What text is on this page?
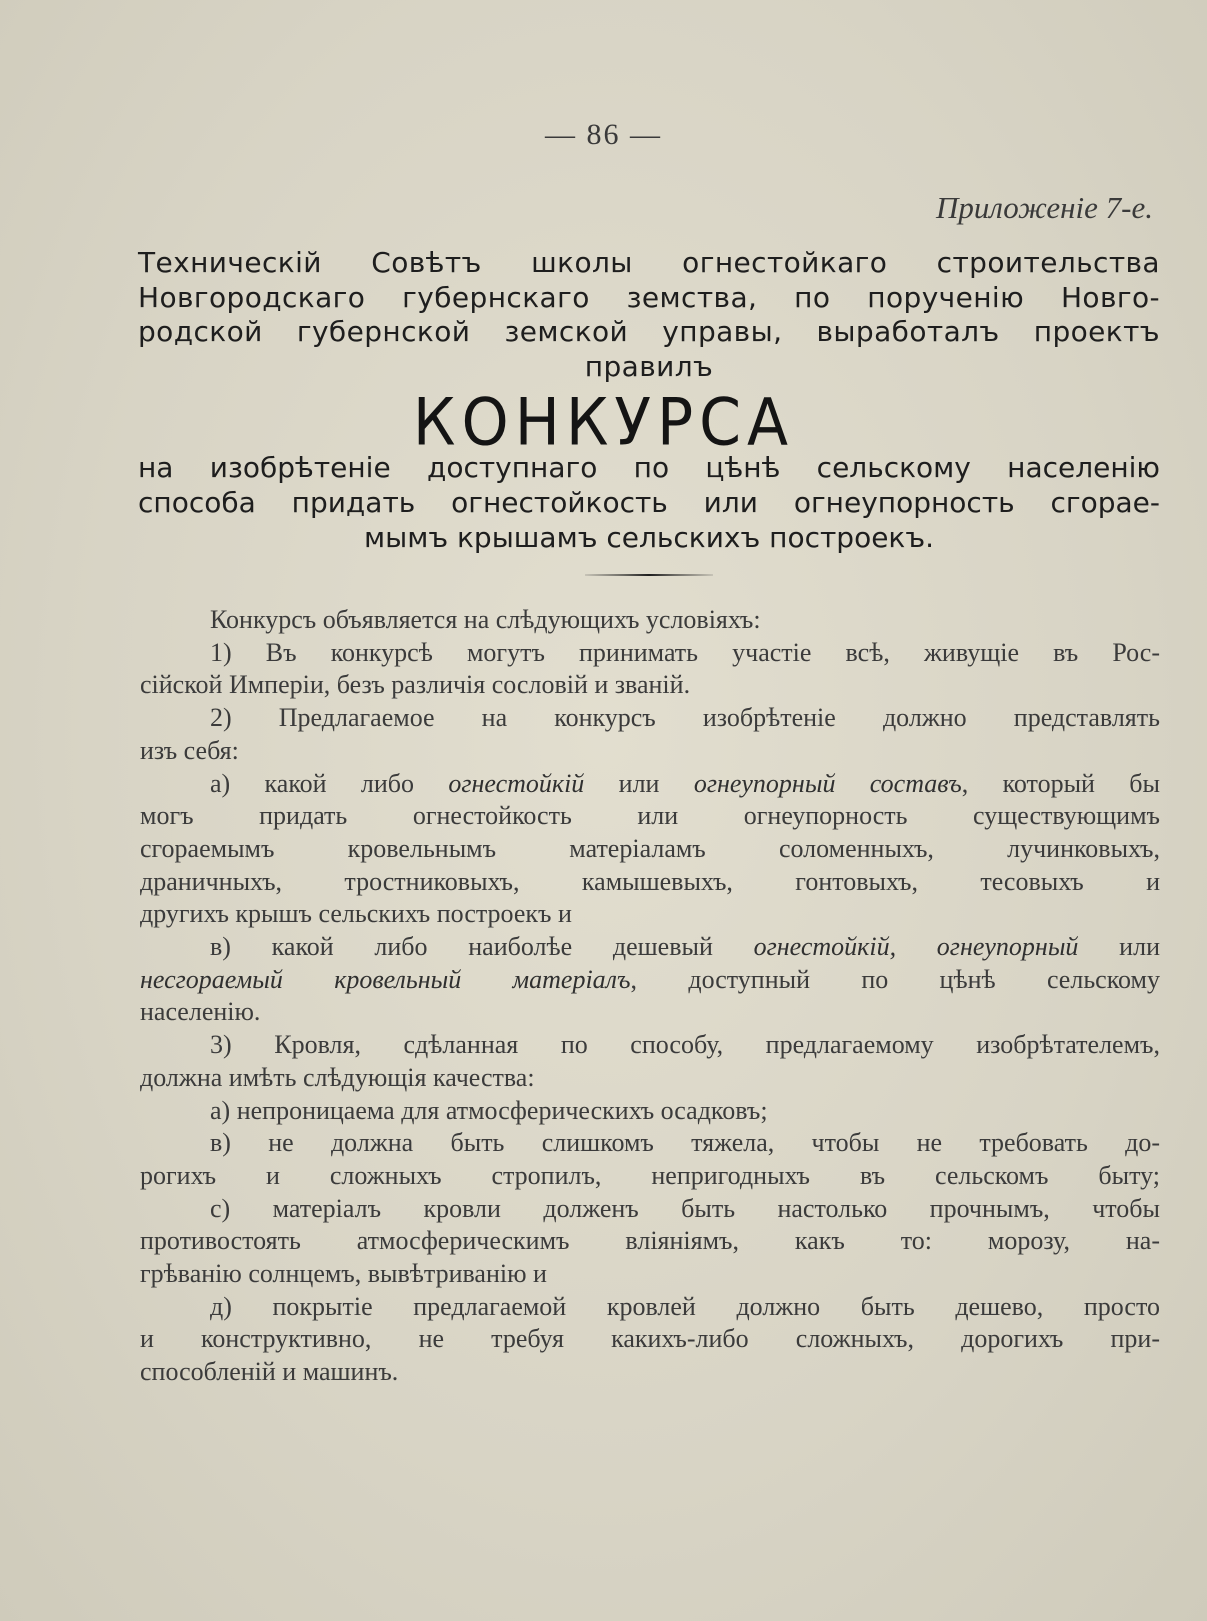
— 86 —
Приложеніе 7-е.
Техническій Совѣтъ школы огнестойкаго строительства
Новгородскаго губернскаго земства, по порученію Новго-
родской губернской земской управы, выработалъ проектъ
правилъ
КОНКУРСА
на изобрѣтеніе доступнаго по цѣнѣ сельскому населенію
способа придать огнестойкость или огнеупорность сгорае-
мымъ крышамъ сельскихъ построекъ.
Конкурсъ объявляется на слѣдующихъ условіяхъ:
1) Въ конкурсѣ могутъ принимать участіе всѣ, живущіе въ Рос-
сійской Имперіи, безъ различія сословій и званій.
2) Предлагаемое на конкурсъ изобрѣтеніе должно представлять
изъ себя:
а) какой либо огнестойкій или огнеупорный составъ, который бы
могъ придать огнестойкость или огнеупорность существующимъ
сгораемымъ кровельнымъ матеріаламъ соломенныхъ, лучинковыхъ,
драничныхъ, тростниковыхъ, камышевыхъ, гонтовыхъ, тесовыхъ и
другихъ крышъ сельскихъ построекъ и
в) какой либо наиболѣе дешевый огнестойкій, огнеупорный или
несгораемый кровельный матеріалъ, доступный по цѣнѣ сельскому
населенію.
3) Кровля, сдѣланная по способу, предлагаемому изобрѣтателемъ,
должна имѣть слѣдующія качества:
а) непроницаема для атмосферическихъ осадковъ;
в) не должна быть слишкомъ тяжела, чтобы не требовать до-
рогихъ и сложныхъ стропилъ, непригодныхъ въ сельскомъ быту;
с) матеріалъ кровли долженъ быть настолько прочнымъ, чтобы
противостоять атмосферическимъ вліяніямъ, какъ то: морозу, на-
грѣванію солнцемъ, вывѣтриванію и
д) покрытіе предлагаемой кровлей должно быть дешево, просто
и конструктивно, не требуя какихъ-либо сложныхъ, дорогихъ при-
способленій и машинъ.
